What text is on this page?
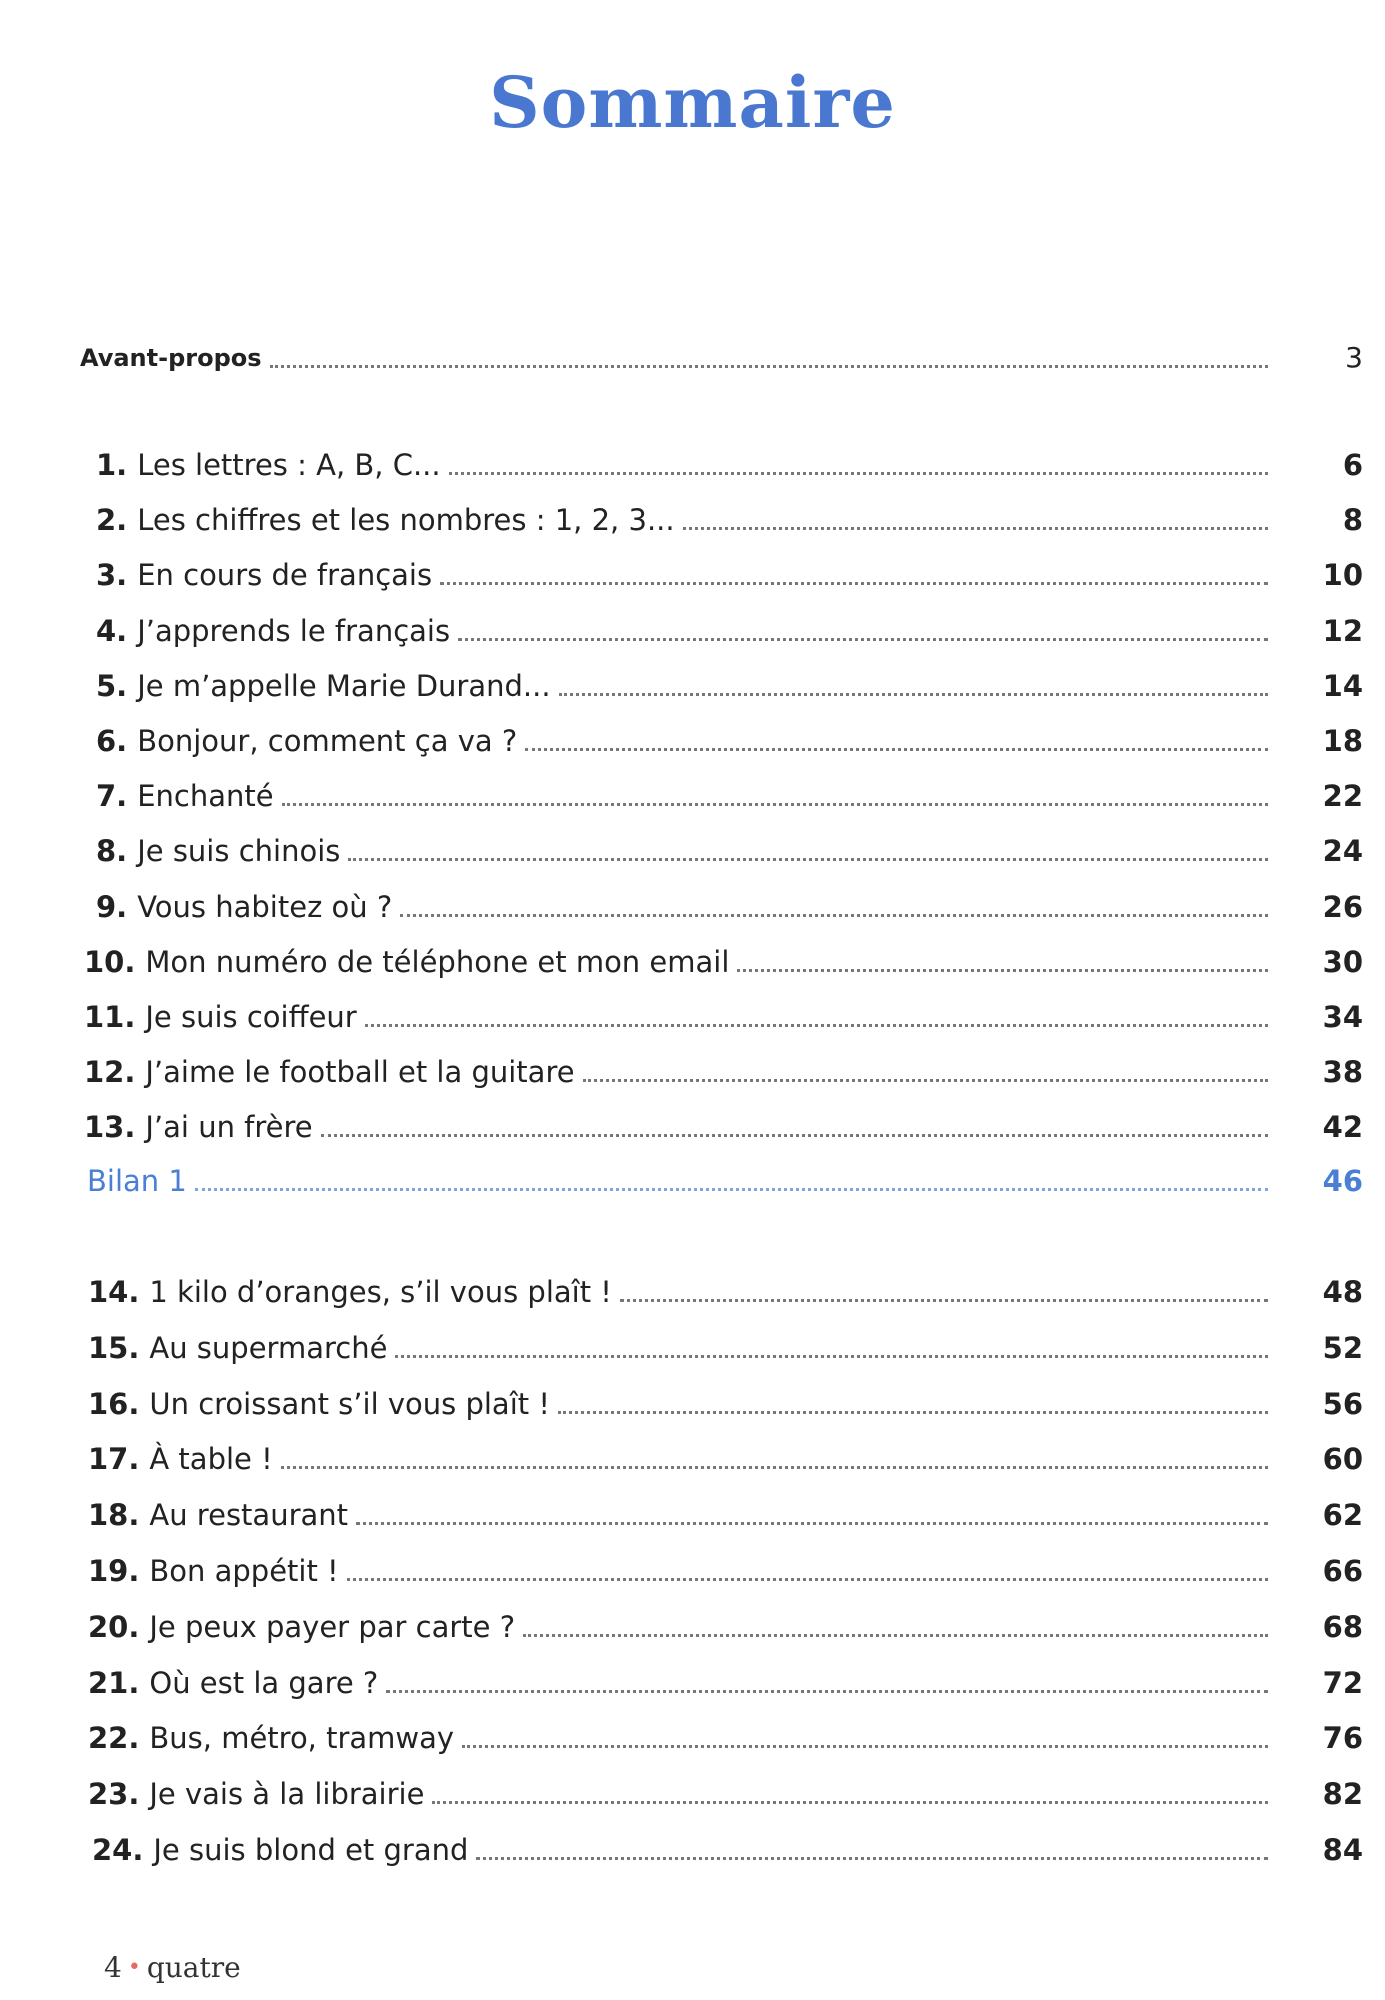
Sommaire
Avant-propos	3
1. Les lettres : A, B, C...	6
2. Les chiffres et les nombres : 1, 2, 3...	8
3. En cours de français	10
4. J’apprends le français	12
5. Je m’appelle Marie Durand...	14
6. Bonjour, comment ça va ?	18
7. Enchanté	22
8. Je suis chinois	24
9. Vous habitez où ?	26
10. Mon numéro de téléphone et mon email	30
11. Je suis coiffeur	34
12. J’aime le football et la guitare	38
13. J’ai un frère	42
Bilan 1	46
14. 1 kilo d’oranges, s’il vous plaît !	48
15. Au supermarché	52
16. Un croissant s’il vous plaît !	56
17. À table !	60
18. Au restaurant	62
19. Bon appétit !	66
20. Je peux payer par carte ?	68
21. Où est la gare ?	72
22. Bus, métro, tramway	76
23. Je vais à la librairie	82
24. Je suis blond et grand	84
4 • quatre
